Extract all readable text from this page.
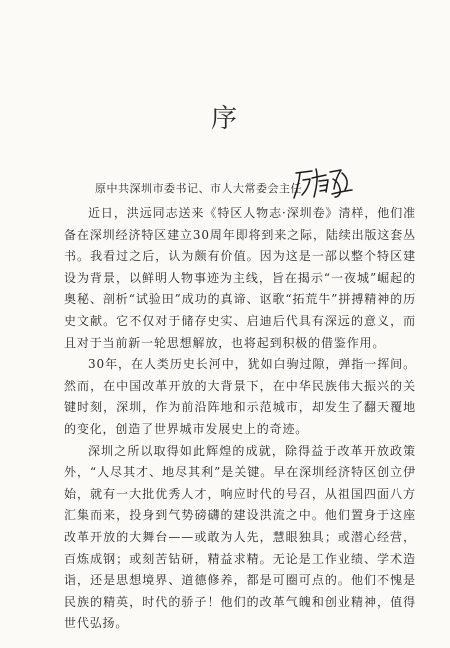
序
原中共深圳市委书记、市人大常委会主任

近日，洪远同志送来《特区人物志·深圳卷》清样，他们准备在深圳经济特区建立30周年即将到来之际，陆续出版这套丛书。我看过之后，认为颇有价值。因为这是一部以整个特区建设为背景，以鲜明人物事迹为主线，旨在揭示“一夜城”崛起的奥秘、剖析“试验田”成功的真谛、讴歌“拓荒牛”拼搏精神的历史文献。它不仅对于储存史实、启迪后代具有深远的意义，而且对于当前新一轮思想解放，也将起到积极的借鉴作用。

30年，在人类历史长河中，犹如白驹过隙，弹指一挥间。然而，在中国改革开放的大背景下，在中华民族伟大振兴的关键时刻，深圳，作为前沿阵地和示范城市，却发生了翻天覆地的变化，创造了世界城市发展史上的奇迹。

深圳之所以取得如此辉煌的成就，除得益于改革开放政策外，“人尽其才、地尽其利”是关键。早在深圳经济特区创立伊始，就有一大批优秀人才，响应时代的号召，从祖国四面八方汇集而来，投身到气势磅礴的建设洪流之中。他们置身于这座改革开放的大舞台——或敢为人先，慧眼独具；或潜心经营，百炼成钢；或刻苦钻研，精益求精。无论是工作业绩、学术造诣，还是思想境界、道德修养，都是可圈可点的。他们不愧是民族的精英，时代的骄子！他们的改革气魄和创业精神，值得世代弘扬。
